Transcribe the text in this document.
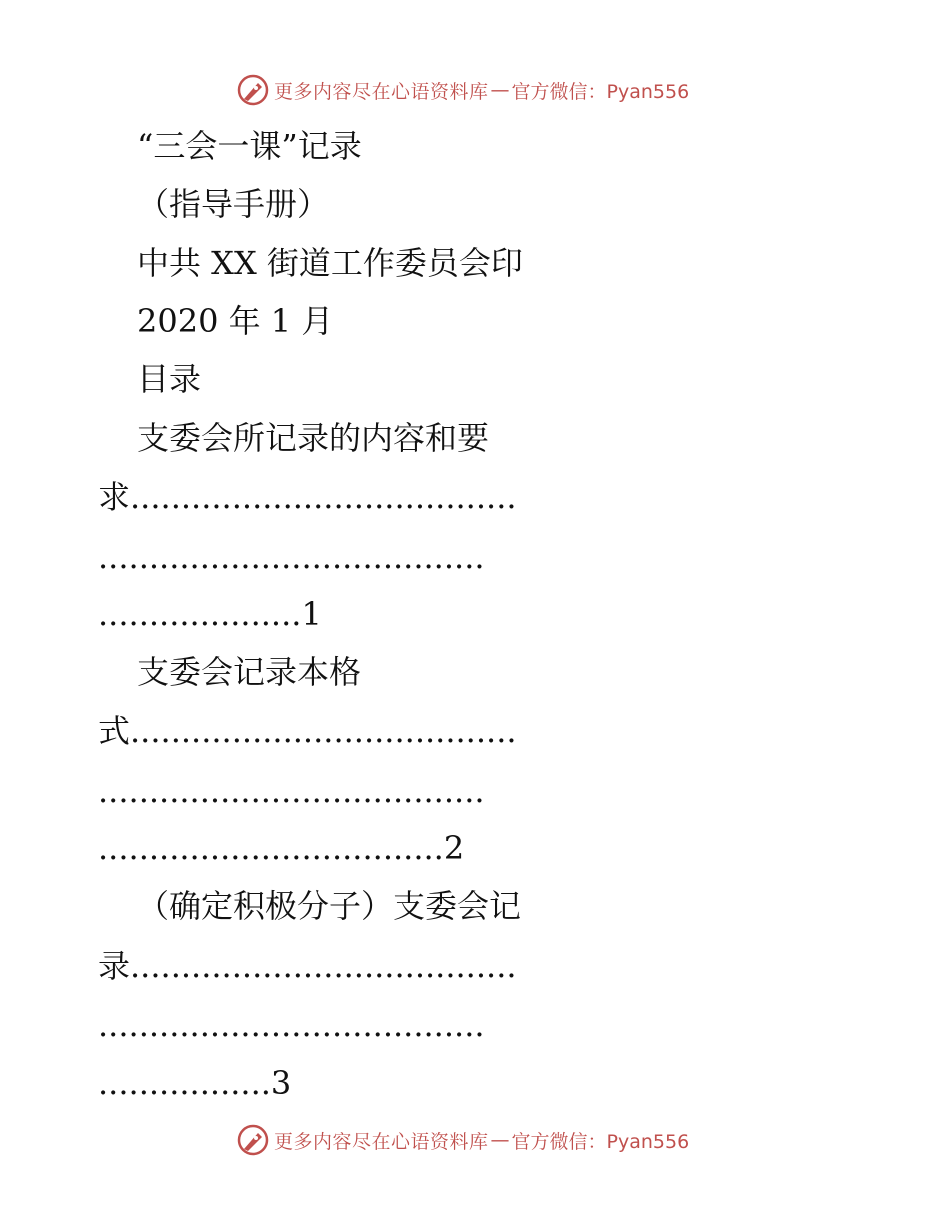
更多内容尽在心语资料库 — 官方微信：Pyan556
“三会一课”记录
（指导手册）
中共 XX 街道工作委员会印
2020 年 1 月
目录
支委会所记录的内容和要
求......................................
......................................
....................1
支委会记录本格
式......................................
......................................
..................................2
（确定积极分子）支委会记
录......................................
......................................
.................3
更多内容尽在心语资料库 — 官方微信：Pyan556
